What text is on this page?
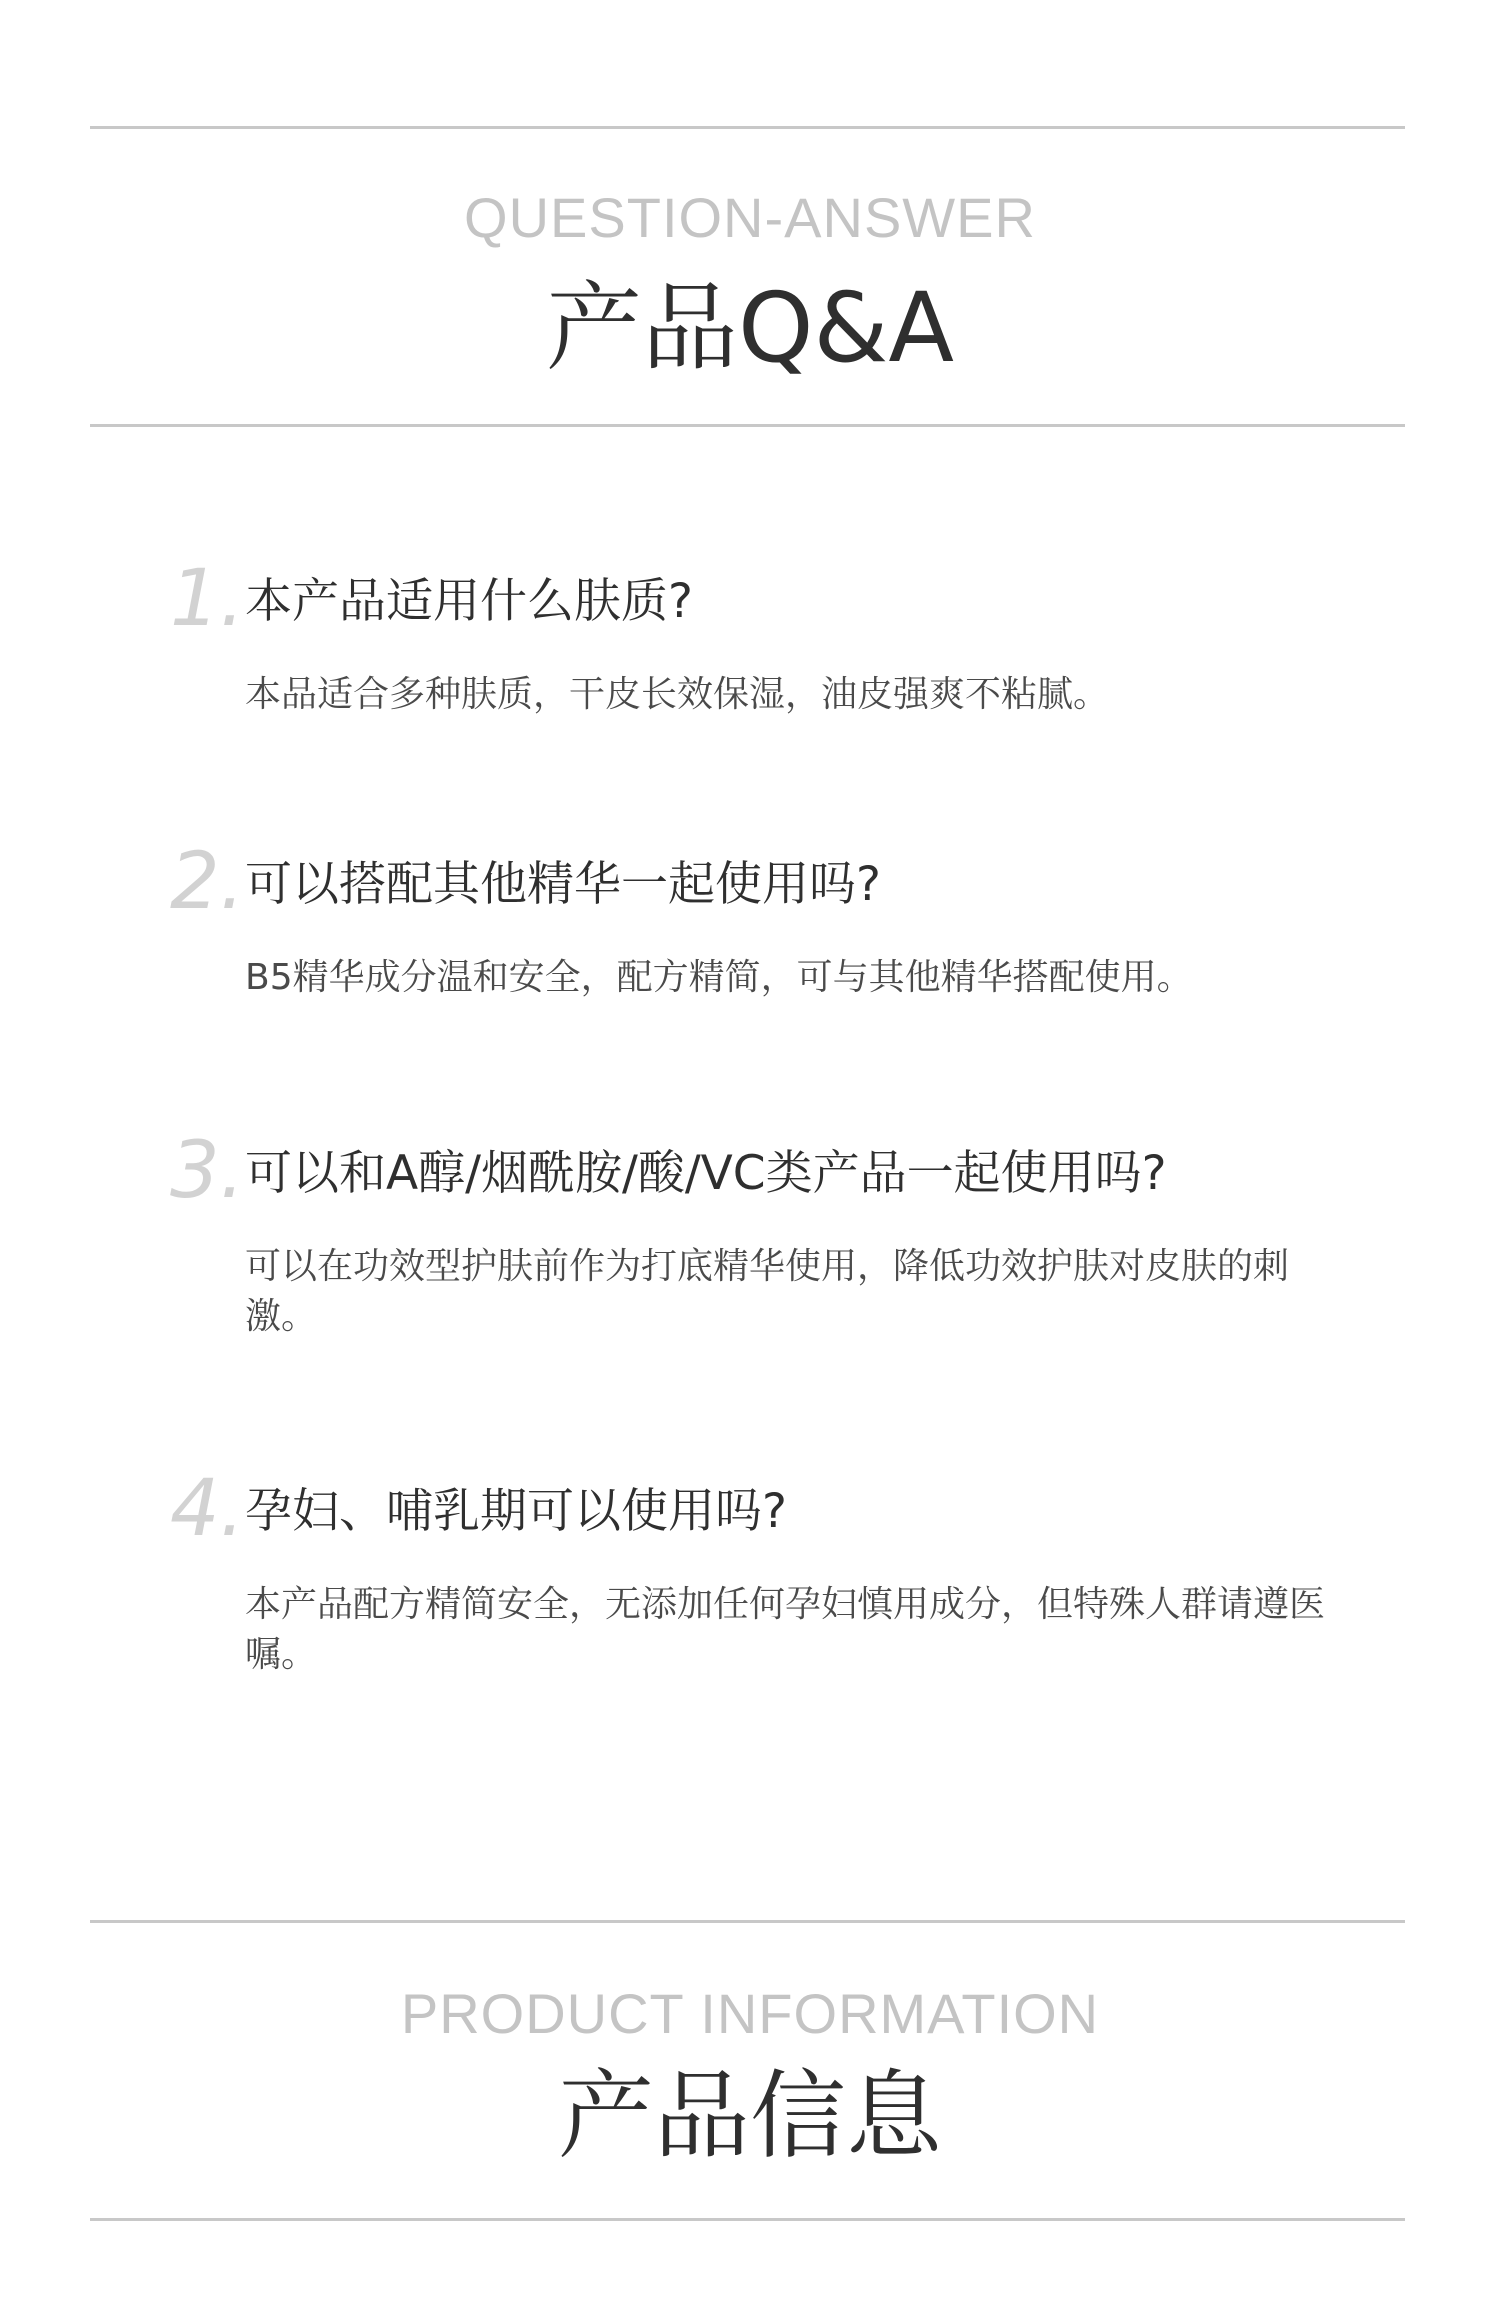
QUESTION-ANSWER
产品Q&A
1. 本产品适用什么肤质?
本品适合多种肤质，干皮长效保湿，油皮强爽不粘腻。
2. 可以搭配其他精华一起使用吗?
B5精华成分温和安全，配方精简，可与其他精华搭配使用。
3. 可以和A醇/烟酰胺/酸/VC类产品一起使用吗?
可以在功效型护肤前作为打底精华使用，降低功效护肤对皮肤的刺激。
4. 孕妇、哺乳期可以使用吗?
本产品配方精简安全，无添加任何孕妇慎用成分，但特殊人群请遵医嘱。
PRODUCT INFORMATION
产品信息
